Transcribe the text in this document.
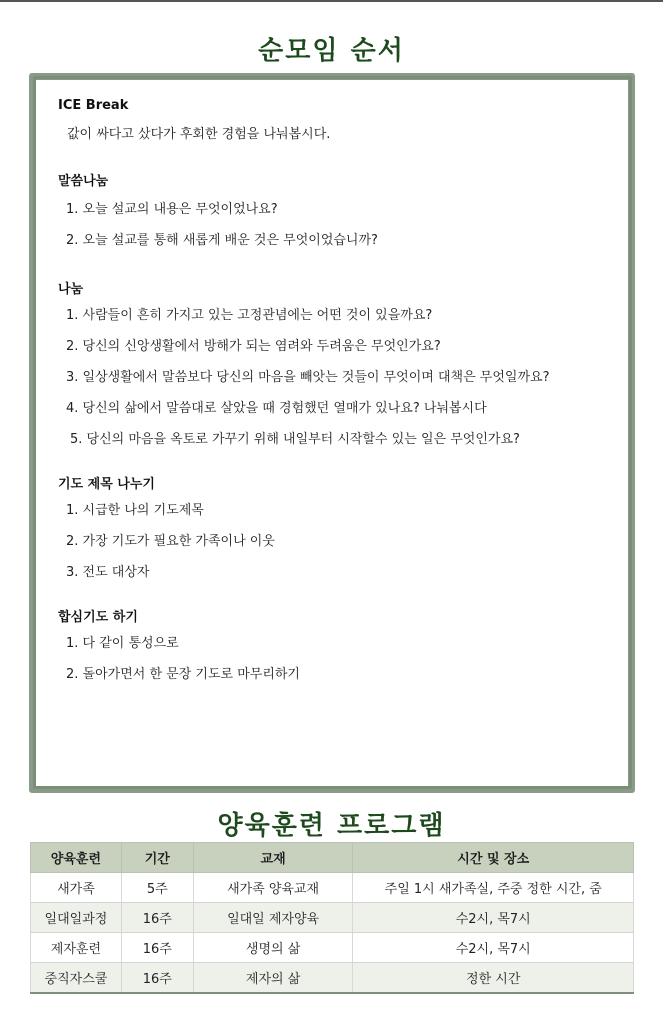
순모임 순서
ICE Break
값이 싸다고 샀다가 후회한 경험을 나눠봅시다.
말씀나눔
1. 오늘 설교의 내용은 무엇이었나요?
2. 오늘 설교를 통해 새롭게 배운 것은 무엇이었습니까?
나눔
1. 사람들이 흔히 가지고 있는 고정관념에는 어떤 것이 있을까요?
2. 당신의 신앙생활에서 방해가 되는 염려와 두려움은 무엇인가요?
3. 일상생활에서 말씀보다 당신의 마음을 빼앗는 것들이 무엇이며 대책은 무엇일까요?
4. 당신의 삶에서 말씀대로 살았을 때 경험했던 열매가 있나요? 나눠봅시다
5. 당신의 마음을 옥토로 가꾸기 위해 내일부터 시작할수 있는 일은 무엇인가요?
기도 제목 나누기
1. 시급한 나의 기도제목
2. 가장 기도가 필요한 가족이나 이웃
3. 전도 대상자
합심기도 하기
1. 다 같이 통성으로
2. 돌아가면서 한 문장 기도로 마무리하기
양육훈련 프로그램
양육훈련	기간	교재	시간 및 장소
새가족	5주	새가족 양육교재	주일 1시 새가족실, 주중 정한 시간, 줌
일대일과정	16주	일대일 제자양육	수2시, 목7시
제자훈련	16주	생명의 삶	수2시, 목7시
중직자스쿨	16주	제자의 삶	정한 시간
